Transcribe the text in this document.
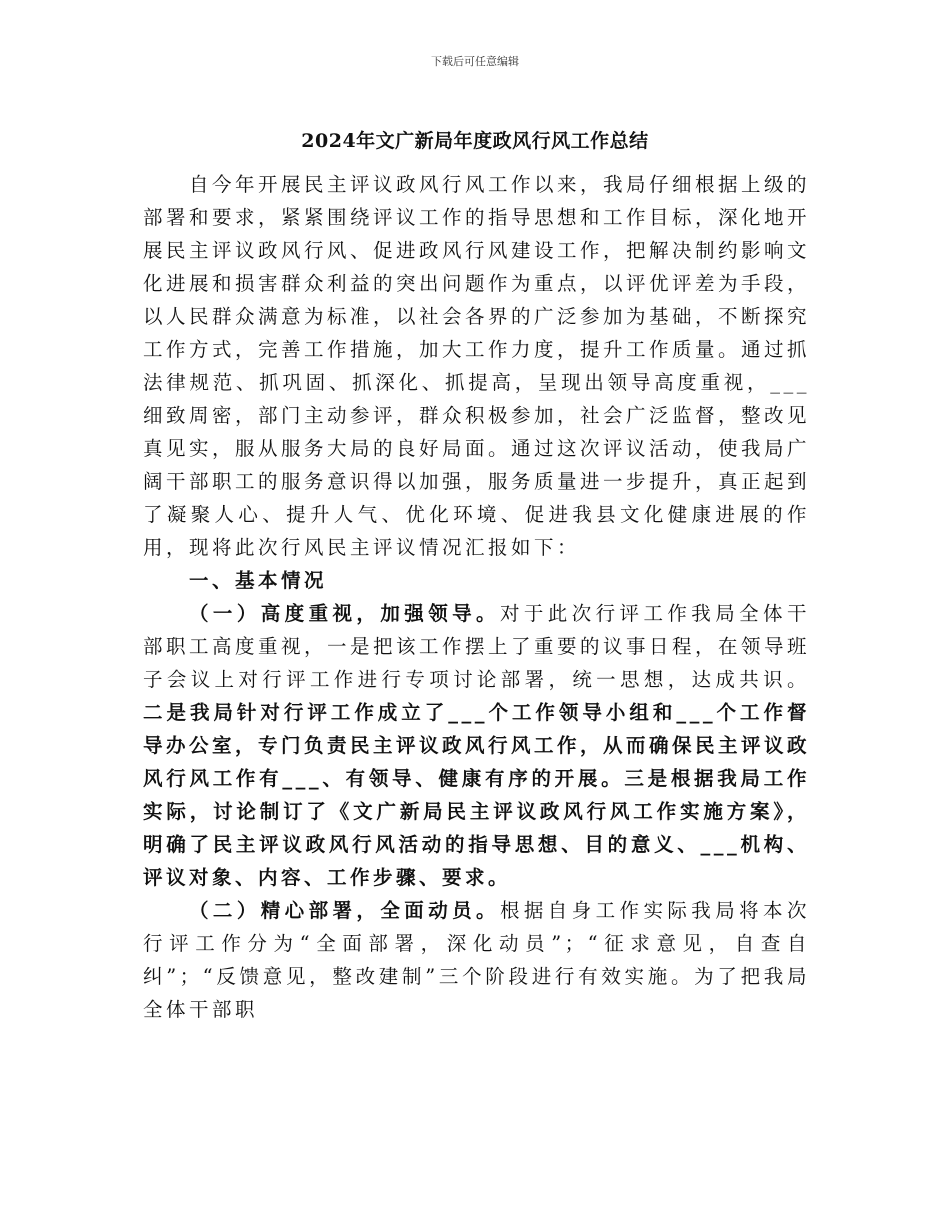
下载后可任意编辑
2024年文广新局年度政风行风工作总结

自今年开展民主评议政风行风工作以来，我局仔细根据上级的部署和要求，紧紧围绕评议工作的指导思想和工作目标，深化地开展民主评议政风行风、促进政风行风建设工作，把解决制约影响文化进展和损害群众利益的突出问题作为重点，以评优评差为手段，以人民群众满意为标准，以社会各界的广泛参加为基础，不断探究工作方式，完善工作措施，加大工作力度，提升工作质量。通过抓法律规范、抓巩固、抓深化、抓提高，呈现出领导高度重视，___细致周密，部门主动参评，群众积极参加，社会广泛监督，整改见真见实，服从服务大局的良好局面。通过这次评议活动，使我局广阔干部职工的服务意识得以加强，服务质量进一步提升，真正起到了凝聚人心、提升人气、优化环境、促进我县文化健康进展的作用，现将此次行风民主评议情况汇报如下：

一、基本情况

（一）高度重视，加强领导。对于此次行评工作我局全体干部职工高度重视，一是把该工作摆上了重要的议事日程，在领导班子会议上对行评工作进行专项讨论部署，统一思想，达成共识。二是我局针对行评工作成立了___个工作领导小组和___个工作督导办公室，专门负责民主评议政风行风工作，从而确保民主评议政风行风工作有___、有领导、健康有序的开展。三是根据我局工作实际，讨论制订了《文广新局民主评议政风行风工作实施方案》，明确了民主评议政风行风活动的指导思想、目的意义、___机构、评议对象、内容、工作步骤、要求。

（二）精心部署，全面动员。根据自身工作实际我局将本次行评工作分为“全面部署，深化动员”；“征求意见，自查自纠”；“反馈意见，整改建制”三个阶段进行有效实施。为了把我局全体干部职
